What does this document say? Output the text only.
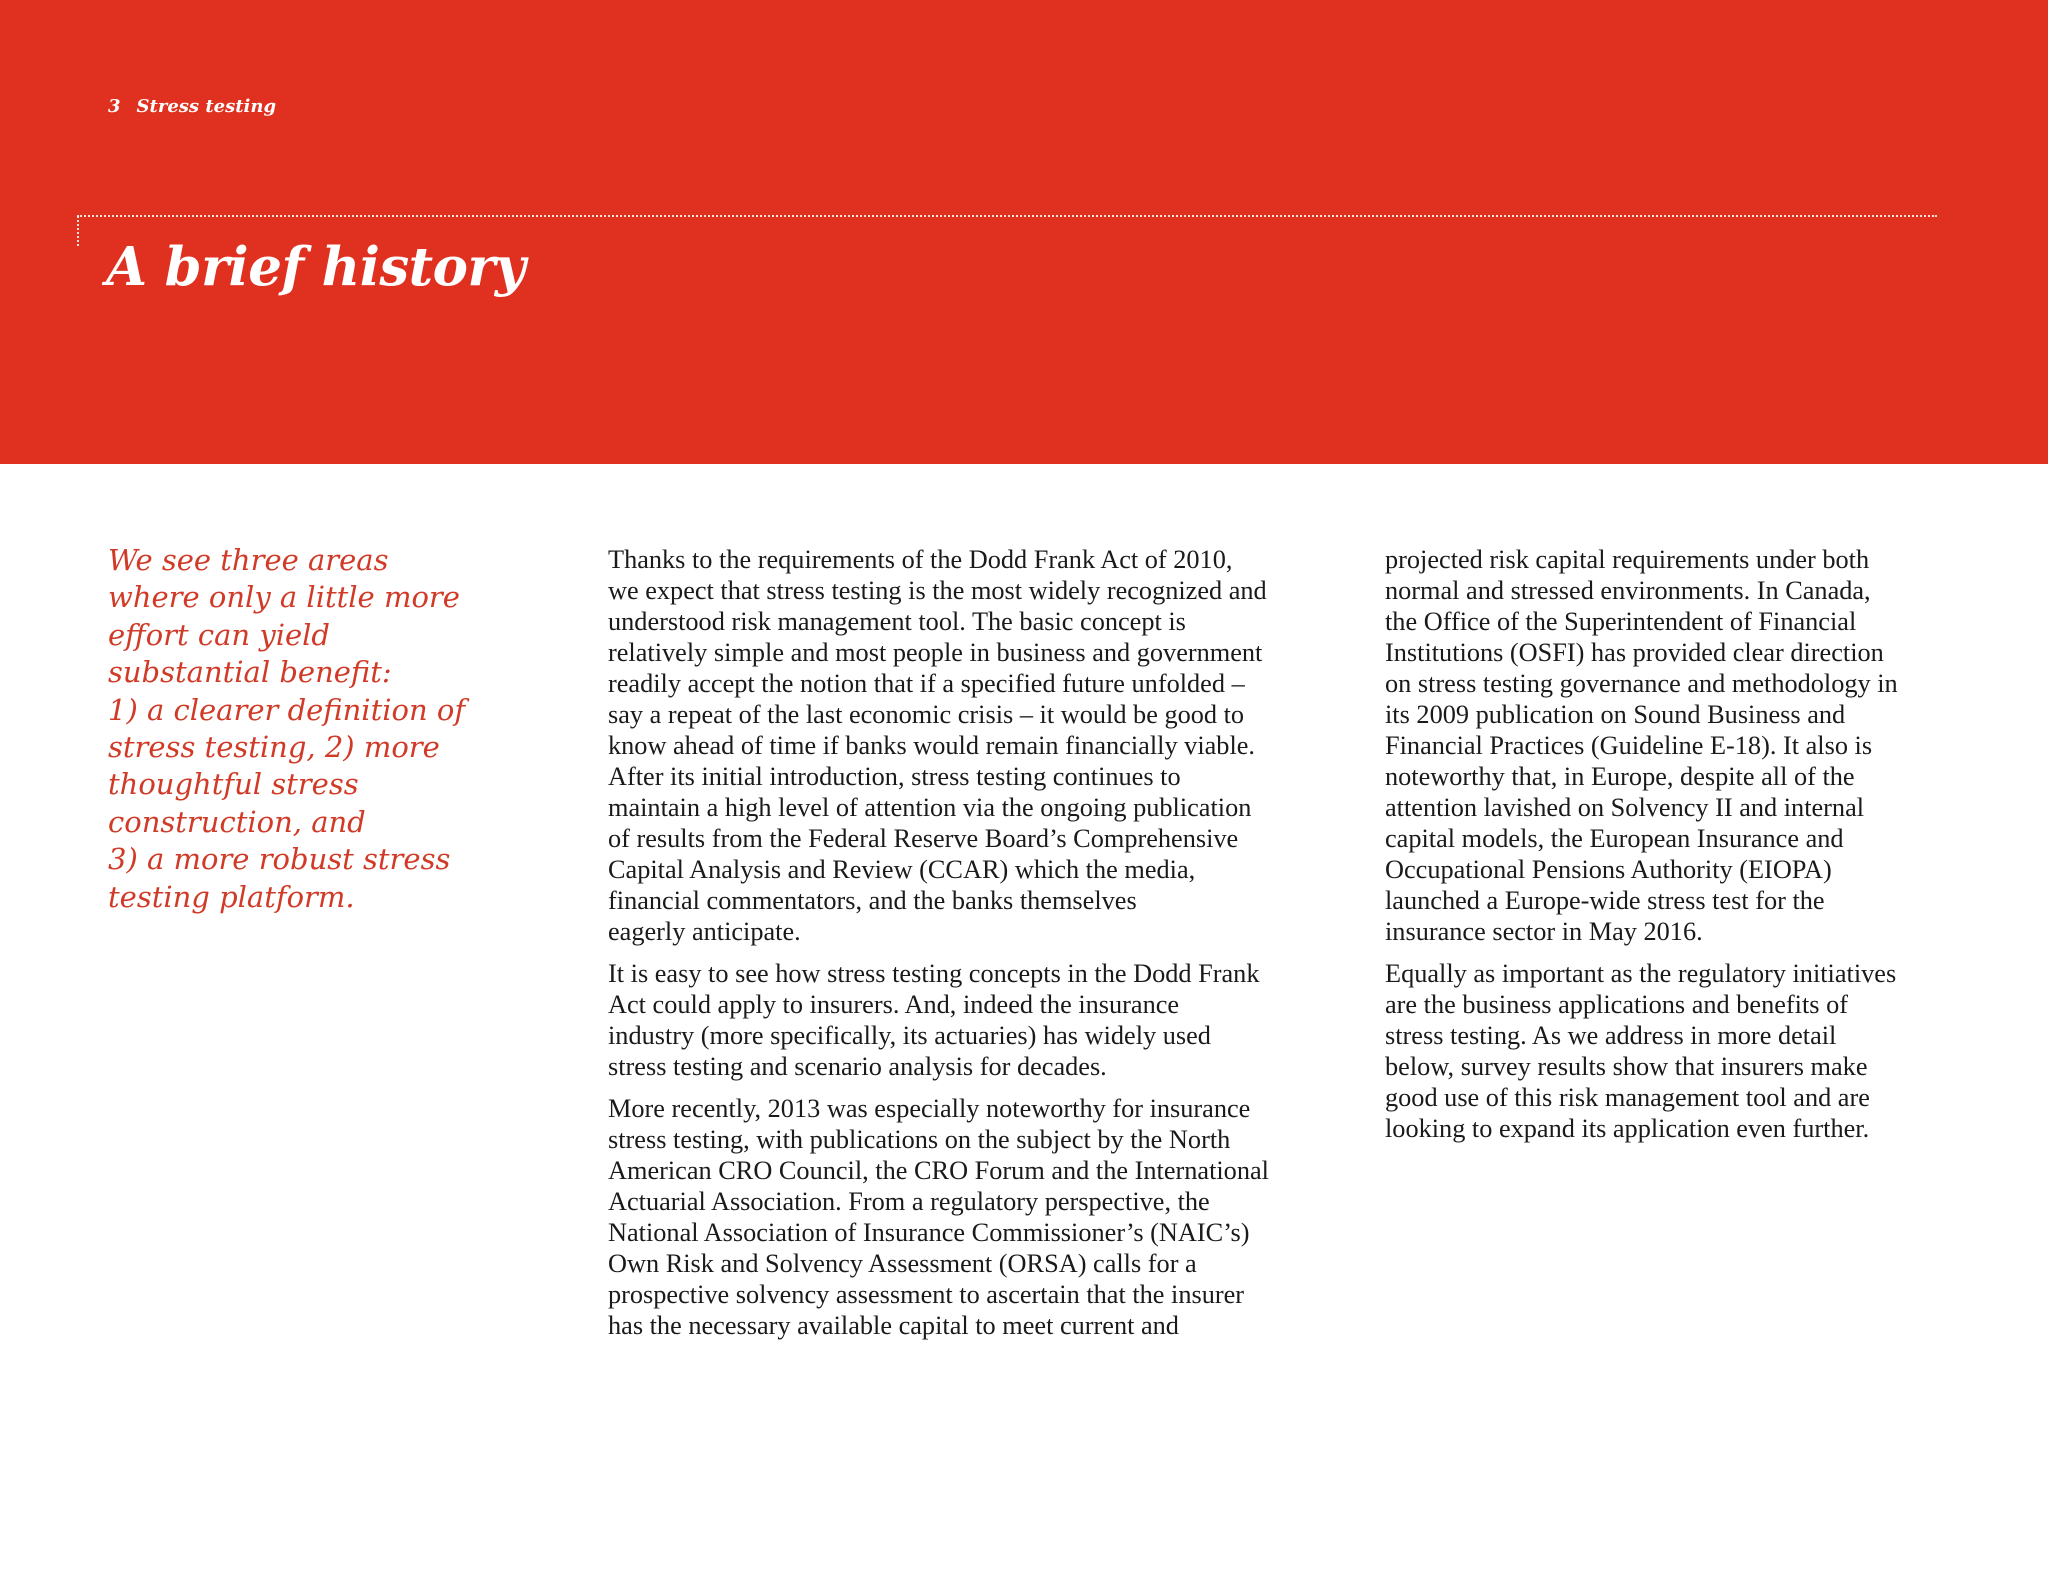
3 Stress testing
A brief history
We see three areas
where only a little more
effort can yield
substantial benefit:
1) a clearer definition of
stress testing, 2) more
thoughtful stress
construction, and
3) a more robust stress
testing platform.

Thanks to the requirements of the Dodd Frank Act of 2010,
we expect that stress testing is the most widely recognized and
understood risk management tool. The basic concept is
relatively simple and most people in business and government
readily accept the notion that if a specified future unfolded –
say a repeat of the last economic crisis – it would be good to
know ahead of time if banks would remain financially viable.
After its initial introduction, stress testing continues to
maintain a high level of attention via the ongoing publication
of results from the Federal Reserve Board’s Comprehensive
Capital Analysis and Review (CCAR) which the media,
financial commentators, and the banks themselves
eagerly anticipate.

It is easy to see how stress testing concepts in the Dodd Frank
Act could apply to insurers. And, indeed the insurance
industry (more specifically, its actuaries) has widely used
stress testing and scenario analysis for decades.

More recently, 2013 was especially noteworthy for insurance
stress testing, with publications on the subject by the North
American CRO Council, the CRO Forum and the International
Actuarial Association. From a regulatory perspective, the
National Association of Insurance Commissioner’s (NAIC’s)
Own Risk and Solvency Assessment (ORSA) calls for a
prospective solvency assessment to ascertain that the insurer
has the necessary available capital to meet current and

projected risk capital requirements under both
normal and stressed environments. In Canada,
the Office of the Superintendent of Financial
Institutions (OSFI) has provided clear direction
on stress testing governance and methodology in
its 2009 publication on Sound Business and
Financial Practices (Guideline E-18). It also is
noteworthy that, in Europe, despite all of the
attention lavished on Solvency II and internal
capital models, the European Insurance and
Occupational Pensions Authority (EIOPA)
launched a Europe-wide stress test for the
insurance sector in May 2016.

Equally as important as the regulatory initiatives
are the business applications and benefits of
stress testing. As we address in more detail
below, survey results show that insurers make
good use of this risk management tool and are
looking to expand its application even further.
